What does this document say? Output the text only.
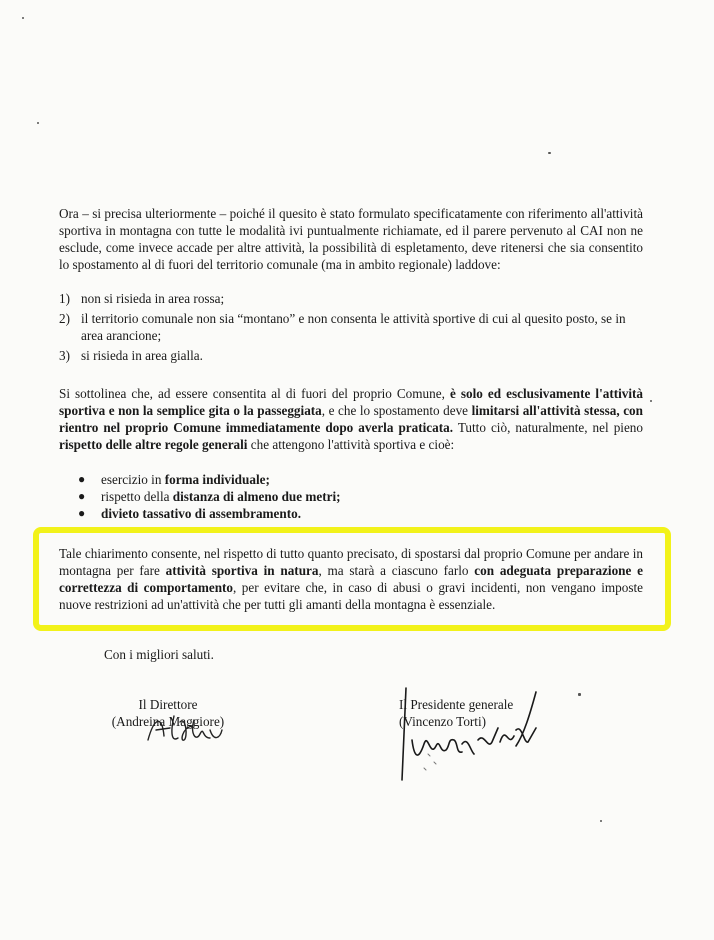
Ora – si precisa ulteriormente – poiché il quesito è stato formulato specificatamente con riferimento all'attività sportiva in montagna con tutte le modalità ivi puntualmente richiamate, ed il parere pervenuto al CAI non ne esclude, come invece accade per altre attività, la possibilità di espletamento, deve ritenersi che sia consentito lo spostamento al di fuori del territorio comunale (ma in ambito regionale) laddove:

1) non si risieda in area rossa;
2) il territorio comunale non sia “montano” e non consenta le attività sportive di cui al quesito posto, se in area arancione;
3) si risieda in area gialla.

Si sottolinea che, ad essere consentita al di fuori del proprio Comune, è solo ed esclusivamente l'attività sportiva e non la semplice gita o la passeggiata, e che lo spostamento deve limitarsi all'attività stessa, con rientro nel proprio Comune immediatamente dopo averla praticata. Tutto ciò, naturalmente, nel pieno rispetto delle altre regole generali che attengono l'attività sportiva e cioè:

● esercizio in forma individuale;
● rispetto della distanza di almeno due metri;
● divieto tassativo di assembramento.

Tale chiarimento consente, nel rispetto di tutto quanto precisato, di spostarsi dal proprio Comune per andare in montagna per fare attività sportiva in natura, ma starà a ciascuno farlo con adeguata preparazione e correttezza di comportamento, per evitare che, in caso di abusi o gravi incidenti, non vengano imposte nuove restrizioni ad un'attività che per tutti gli amanti della montagna è essenziale.

Con i migliori saluti.
Il Direttore
(Andreina Maggiore)
Il Presidente generale
(Vincenzo Torti)
